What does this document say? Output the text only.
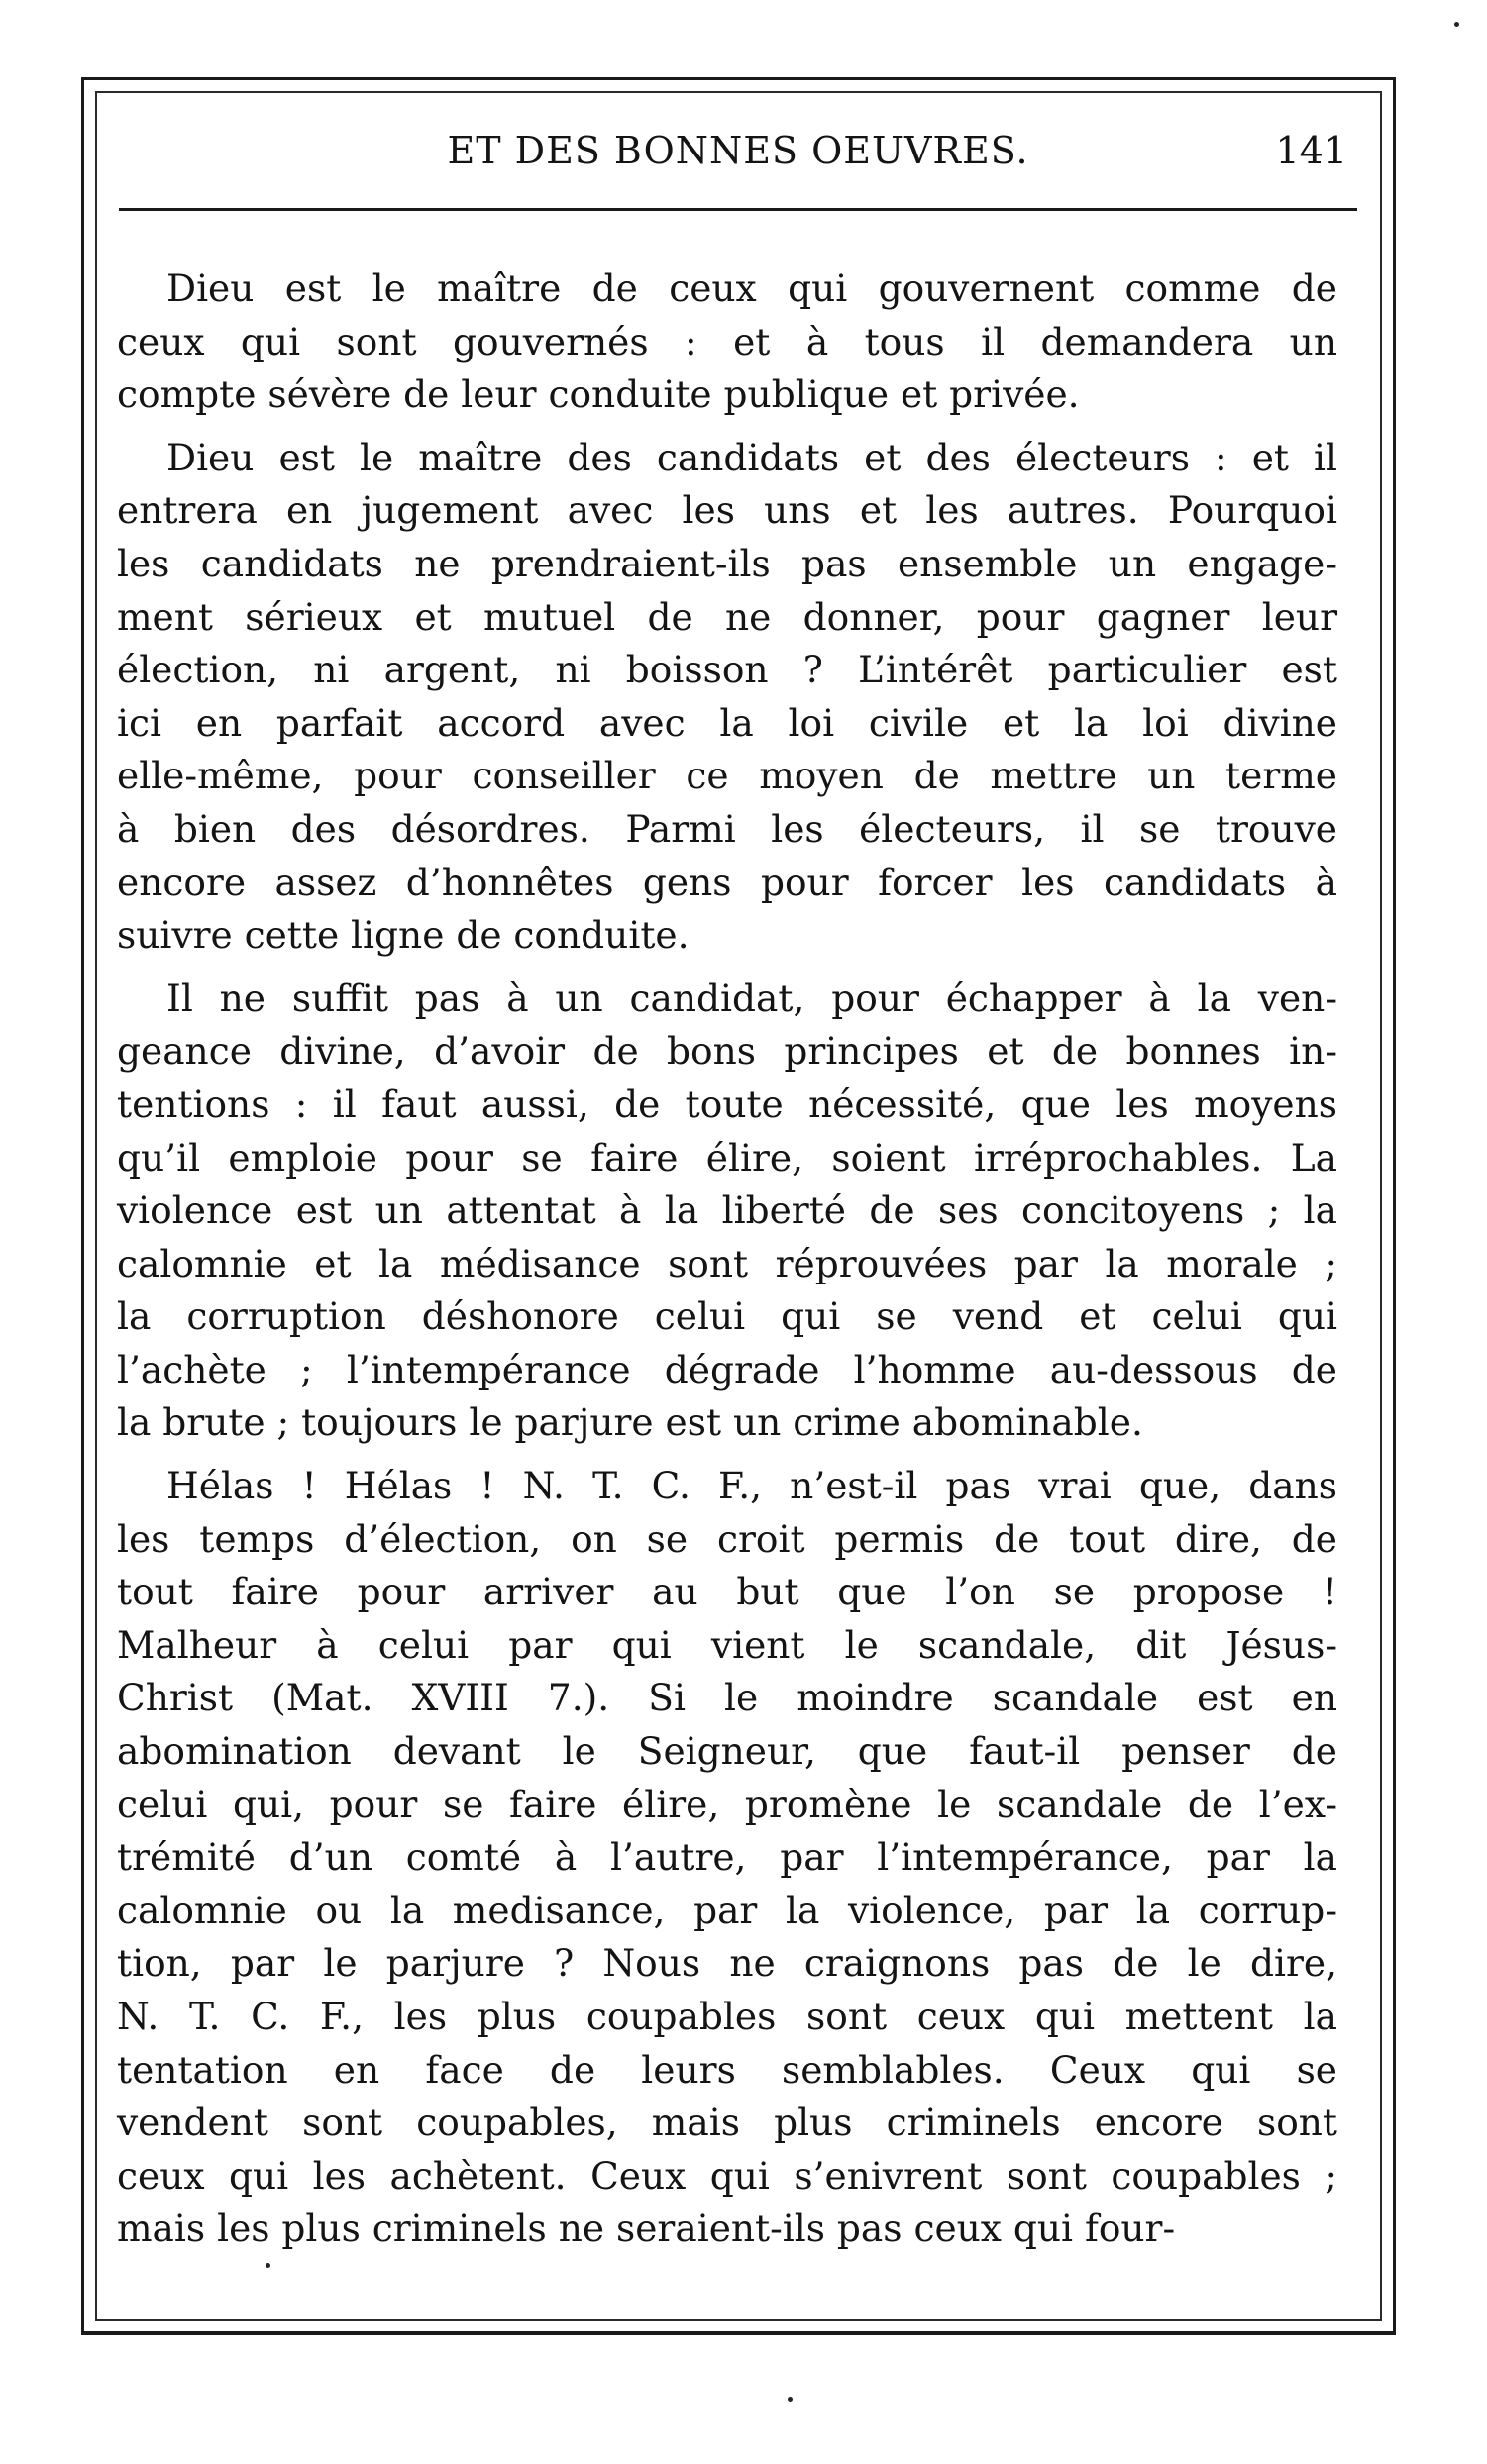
ET DES BONNES OEUVRES.	141
Dieu est le maître de ceux qui gouvernent comme de
ceux qui sont gouvernés : et à tous il demandera un
compte sévère de leur conduite publique et privée.
Dieu est le maître des candidats et des électeurs : et il
entrera en jugement avec les uns et les autres. Pourquoi
les candidats ne prendraient-ils pas ensemble un engage-
ment sérieux et mutuel de ne donner, pour gagner leur
élection, ni argent, ni boisson ? L’intérêt particulier est
ici en parfait accord avec la loi civile et la loi divine
elle-même, pour conseiller ce moyen de mettre un terme
à bien des désordres. Parmi les électeurs, il se trouve
encore assez d’honnêtes gens pour forcer les candidats à
suivre cette ligne de conduite.
Il ne suffit pas à un candidat, pour échapper à la ven-
geance divine, d’avoir de bons principes et de bonnes in-
tentions : il faut aussi, de toute nécessité, que les moyens
qu’il emploie pour se faire élire, soient irréprochables. La
violence est un attentat à la liberté de ses concitoyens ; la
calomnie et la médisance sont réprouvées par la morale ;
la corruption déshonore celui qui se vend et celui qui
l’achète ; l’intempérance dégrade l’homme au-dessous de
la brute ; toujours le parjure est un crime abominable.
Hélas ! Hélas ! N. T. C. F., n’est-il pas vrai que, dans
les temps d’élection, on se croit permis de tout dire, de
tout faire pour arriver au but que l’on se propose !
Malheur à celui par qui vient le scandale, dit Jésus-
Christ (Mat. XVIII 7.). Si le moindre scandale est en
abomination devant le Seigneur, que faut-il penser de
celui qui, pour se faire élire, promène le scandale de l’ex-
trémité d’un comté à l’autre, par l’intempérance, par la
calomnie ou la medisance, par la violence, par la corrup-
tion, par le parjure ? Nous ne craignons pas de le dire,
N. T. C. F., les plus coupables sont ceux qui mettent la
tentation en face de leurs semblables. Ceux qui se
vendent sont coupables, mais plus criminels encore sont
ceux qui les achètent. Ceux qui s’enivrent sont coupables ;
mais les plus criminels ne seraient-ils pas ceux qui four-
